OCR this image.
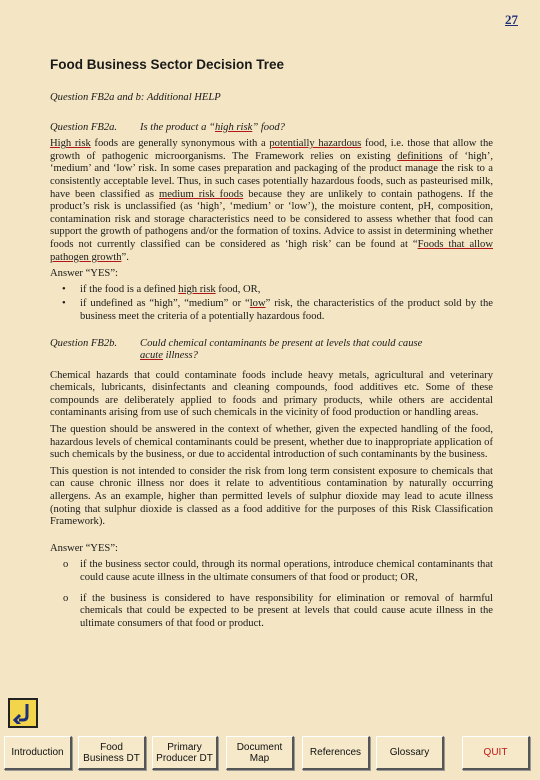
27
Food Business Sector Decision Tree

Question FB2a and b: Additional HELP

Question FB2a.	Is the product a “high risk” food?

High risk foods are generally synonymous with a potentially hazardous food, i.e. those that allow the growth of pathogenic microorganisms. The Framework relies on existing definitions of ‘high’, ‘medium’ and ‘low’ risk. In some cases preparation and packaging of the product manage the risk to a consistently acceptable level. Thus, in such cases potentially hazardous foods, such as pasteurised milk, have been classified as medium risk foods because they are unlikely to contain pathogens. If the product’s risk is unclassified (as ‘high’, ‘medium’ or ‘low’), the moisture content, pH, composition, contamination risk and storage characteristics need to be considered to assess whether that food can support the growth of pathogens and/or the formation of toxins. Advice to assist in determining whether foods not currently classified can be considered as ‘high risk’ can be found at “Foods that allow pathogen growth”.

Answer “YES”:

• if the food is a defined high risk food, OR,
• if undefined as “high”, “medium” or “low” risk, the characteristics of the product sold by the business meet the criteria of a potentially hazardous food.
Question FB2b.	Could chemical contaminants be present at levels that could cause
acute illness?

Chemical hazards that could contaminate foods include heavy metals, agricultural and veterinary chemicals, lubricants, disinfectants and cleaning compounds, food additives etc. Some of these compounds are deliberately applied to foods and primary products, while others are accidental contaminants arising from use of such chemicals in the vicinity of food production or handling areas.

The question should be answered in the context of whether, given the expected handling of the food, hazardous levels of chemical contaminants could be present, whether due to inappropriate application of such chemicals by the business, or due to accidental introduction of such contaminants by the business.

This question is not intended to consider the risk from long term consistent exposure to chemicals that can cause chronic illness nor does it relate to adventitious contamination by naturally occurring allergens. As an example, higher than permitted levels of sulphur dioxide may lead to acute illness (noting that sulphur dioxide is classed as a food additive for the purposes of this Risk Classification Framework).

Answer “YES”:

o if the business sector could, through its normal operations, introduce chemical contaminants that could cause acute illness in the ultimate consumers of that food or product; OR,
o if the business is considered to have responsibility for elimination or removal of harmful chemicals that could be expected to be present at levels that could cause acute illness in the ultimate consumers of that food or product.
Introduction	Food
Business DT
Primary
Producer DT
Document
Map	References	Glossary	QUIT
